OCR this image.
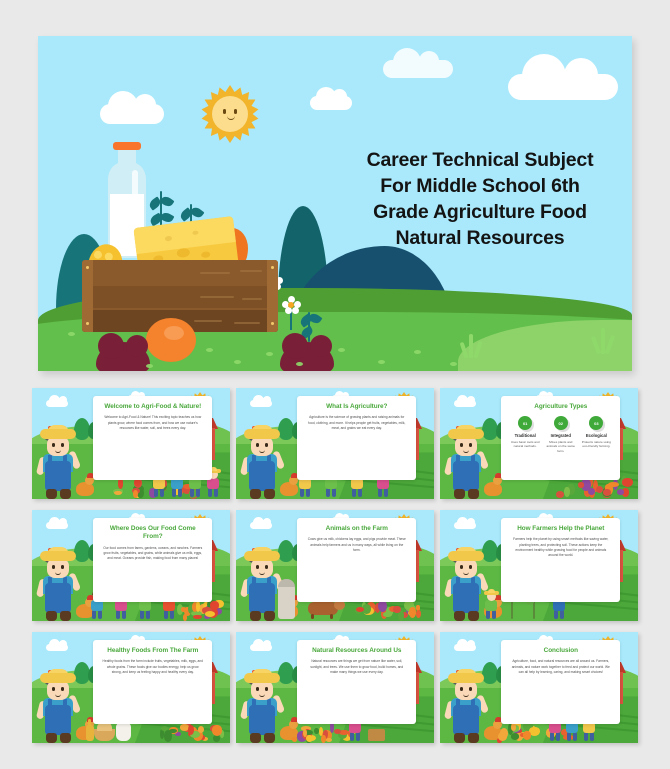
Career Technical Subject
For Middle School 6th
Grade Agriculture Food
Natural Resources
Welcome to Agri-Food & Nature!
Welcome to Agri-Food & Nature! This exciting topic teaches us how plants grow, where food comes from, and how we use nature's resources like water, soil, and trees every day.
What Is Agriculture?
Agriculture is the science of growing plants and raising animals for food, clothing, and more. It helps people get fruits, vegetables, milk, meat, and grains we eat every day.
Agriculture Types
01
Traditional
Uses basic tools and natural methods.
02
Integrated
Mixes plants and animals on the same farm.
03
Ecological
Protects nature using eco-friendly farming.
Where Does Our Food Come From?
Our food comes from farms, gardens, oceans, and ranches. Farmers grow fruits, vegetables, and grains, while animals give us milk, eggs, and meat. Oceans provide fish, making food from many places!
Animals on the Farm
Cows give us milk, chickens lay eggs, and pigs provide meat. These animals help farmers and us in many ways, all while living on the farm.
How Farmers Help the Planet
Farmers help the planet by using smart methods like saving water, planting trees, and protecting soil. These actions keep the environment healthy while growing food for people and animals around the world.
Healthy Foods From The Farm
Healthy foods from the farm include fruits, vegetables, milk, eggs, and whole grains. These foods give our bodies energy, help us grow strong, and keep us feeling happy and healthy every day.
Natural Resources Around Us
Natural resources are things we get from nature like water, soil, sunlight, and trees. We use them to grow food, build homes, and make many things we use every day.
Conclusion
Agriculture, food, and natural resources are all around us. Farmers, animals, and nature work together to feed and protect our world. We can all help by learning, caring, and making smart choices!
